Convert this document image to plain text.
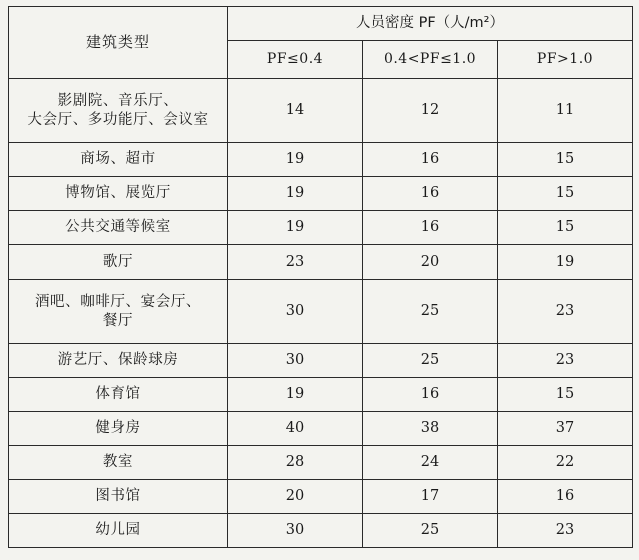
建筑类型	人员密度 PF（人/m²）		
	PF≤0.4	0.4<PF≤1.0	PF>1.0

影剧院、音乐厅、
大会厅、多功能厅、会议室	14	12	11

商场、超市	19	16	15

博物馆、展览厅	19	16	15

公共交通等候室	19	16	15

歌厅	23	20	19

酒吧、咖啡厅、宴会厅、
餐厅	30	25	23

游艺厅、保龄球房	30	25	23

体育馆	19	16	15

健身房	40	38	37

教室	28	24	22

图书馆	20	17	16

幼儿园	30	25	23
